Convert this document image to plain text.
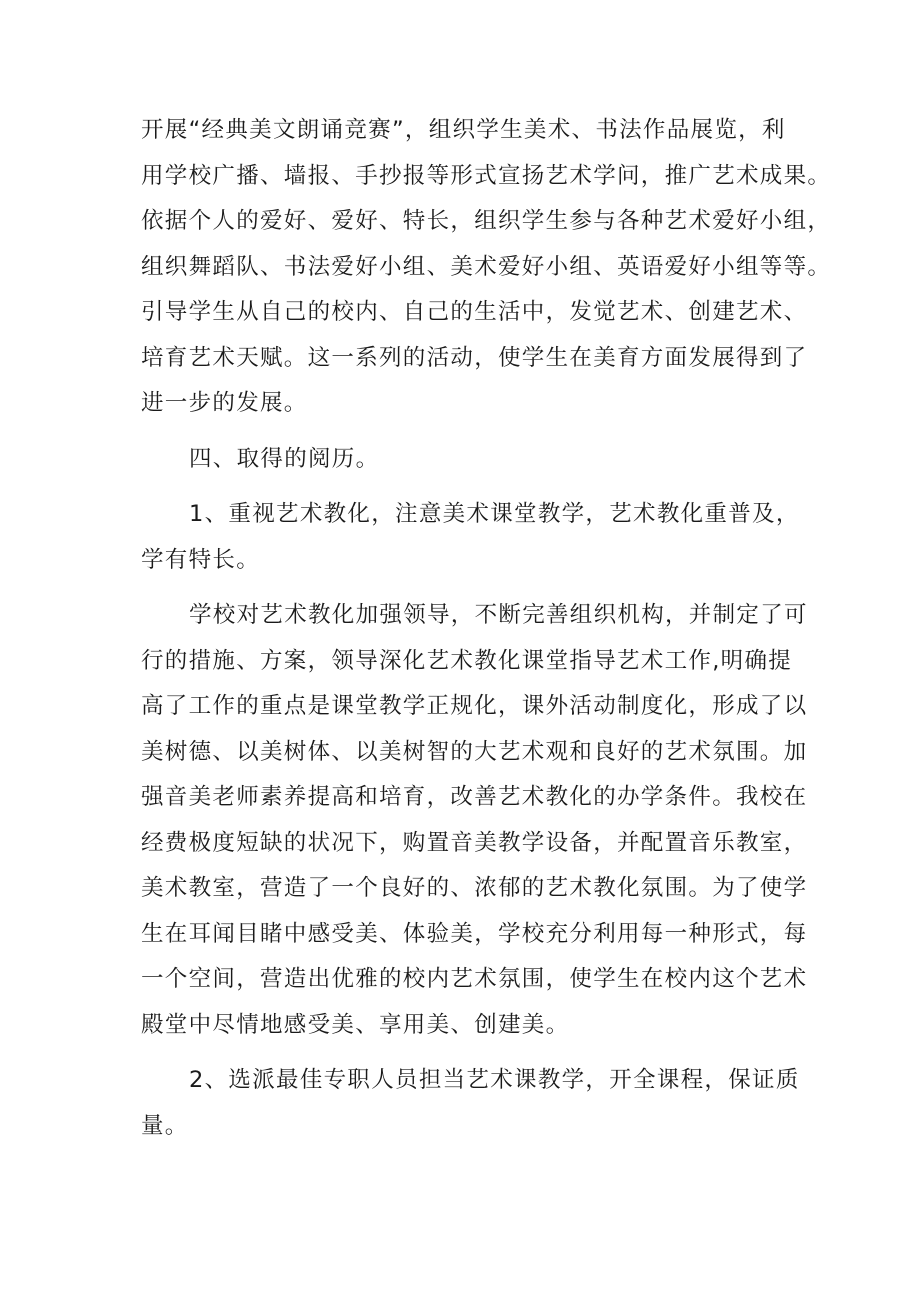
开展“经典美文朗诵竞赛”，组织学生美术、书法作品展览，利
用学校广播、墙报、手抄报等形式宣扬艺术学问，推广艺术成果。
依据个人的爱好、爱好、特长，组织学生参与各种艺术爱好小组，
组织舞蹈队、书法爱好小组、美术爱好小组、英语爱好小组等等。
引导学生从自己的校内、自己的生活中，发觉艺术、创建艺术、
培育艺术天赋。这一系列的活动，使学生在美育方面发展得到了
进一步的发展。
四、取得的阅历。
1、重视艺术教化，注意美术课堂教学，艺术教化重普及，
学有特长。
学校对艺术教化加强领导，不断完善组织机构，并制定了可
行的措施、方案，领导深化艺术教化课堂指导艺术工作,明确提
高了工作的重点是课堂教学正规化，课外活动制度化，形成了以
美树德、以美树体、以美树智的大艺术观和良好的艺术氛围。加
强音美老师素养提高和培育，改善艺术教化的办学条件。我校在
经费极度短缺的状况下，购置音美教学设备，并配置音乐教室，
美术教室，营造了一个良好的、浓郁的艺术教化氛围。为了使学
生在耳闻目睹中感受美、体验美，学校充分利用每一种形式，每
一个空间，营造出优雅的校内艺术氛围，使学生在校内这个艺术
殿堂中尽情地感受美、享用美、创建美。
2、选派最佳专职人员担当艺术课教学，开全课程，保证质
量。
